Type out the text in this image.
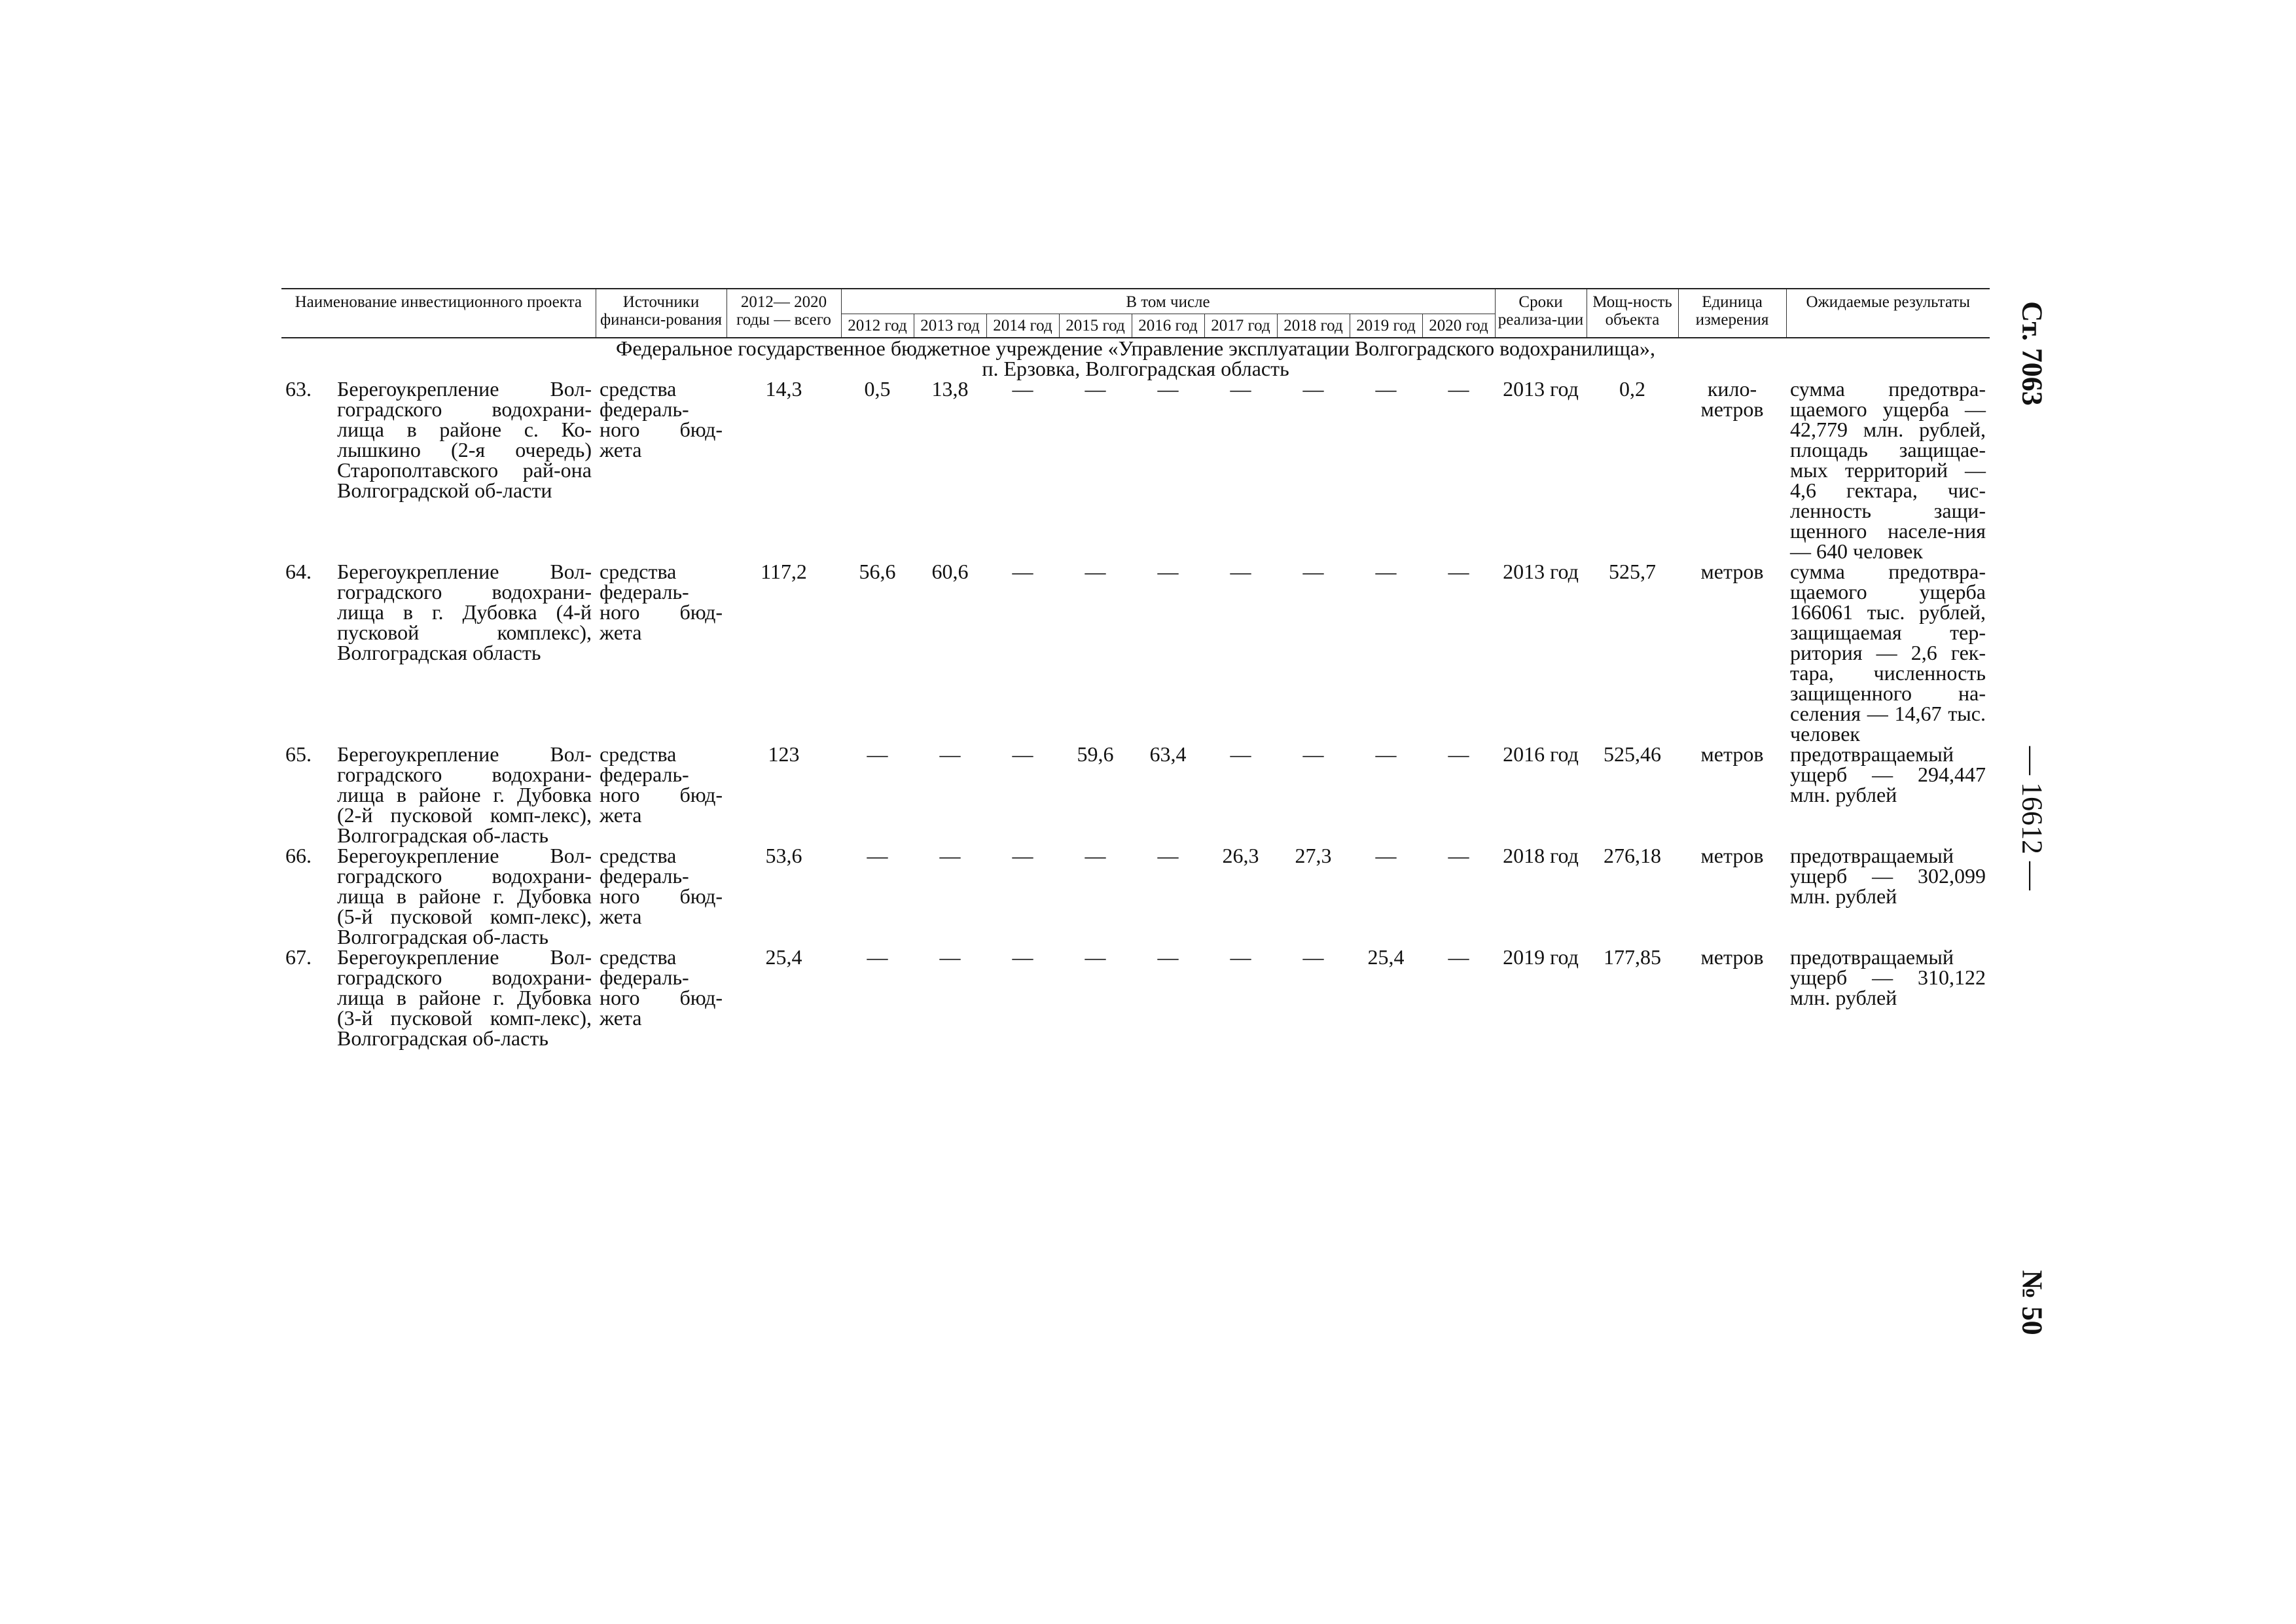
Наименование инвестиционного проекта	Источники финанси-рования	2012— 2020 годы — всего	В том числе									Сроки реализа-ции	Мощ-ность объекта	Единица измерения	Ожидаемые результаты
			2012 год	2013 год	2014 год	2015 год	2016 год	2017 год	2018 год	2019 год	2020 год				

Федеральное государственное бюджетное учреждение «Управление эксплуатации Волгоградского водохранилища»,
п. Ерзовка, Волгоградская область															

63. Берегоукрепление Вол-гоградского водохрани-лища в районе с. Ко-лышкино (2-я очередь) Старополтавского рай-она Волгоградской об-ласти	средства федераль-ного бюд-жета	14,3	0,5	13,8	—	—	—	—	—	—	—	2013 год	0,2	кило-метров	сумма предотвра-щаемого ущерба — 42,779 млн. рублей, площадь защищае-мых территорий — 4,6 гектара, чис-ленность защи-щенного населе-ния — 640 человек

64. Берегоукрепление Вол-гоградского водохрани-лища в г. Дубовка (4-й пусковой комплекс), Волгоградская область	средства федераль-ного бюд-жета	117,2	56,6	60,6	—	—	—	—	—	—	—	2013 год	525,7	метров	сумма предотвра-щаемого ущерба 166061 тыс. рублей, защищаемая тер-ритория — 2,6 гек-тара, численность защищенного на-селения — 14,67 тыс. человек

65. Берегоукрепление Вол-гоградского водохрани-лища в районе г. Дубовка (2-й пусковой комп-лекс), Волгоградская об-ласть	средства федераль-ного бюд-жета	123	—	—	—	59,6	63,4	—	—	—	—	2016 год	525,46	метров	предотвращаемый ущерб — 294,447 млн. рублей

66. Берегоукрепление Вол-гоградского водохрани-лища в районе г. Дубовка (5-й пусковой комп-лекс), Волгоградская об-ласть	средства федераль-ного бюд-жета	53,6	—	—	—	—	—	26,3	27,3	—	—	2018 год	276,18	метров	предотвращаемый ущерб — 302,099 млн. рублей

67. Берегоукрепление Вол-гоградского водохрани-лища в районе г. Дубовка (3-й пусковой комп-лекс), Волгоградская об-ласть	средства федераль-ного бюд-жета	25,4	—	—	—	—	—	—	—	25,4	—	2019 год	177,85	метров	предотвращаемый ущерб — 310,122 млн. рублей
Ст. 7063
— 16612 —
№ 50
